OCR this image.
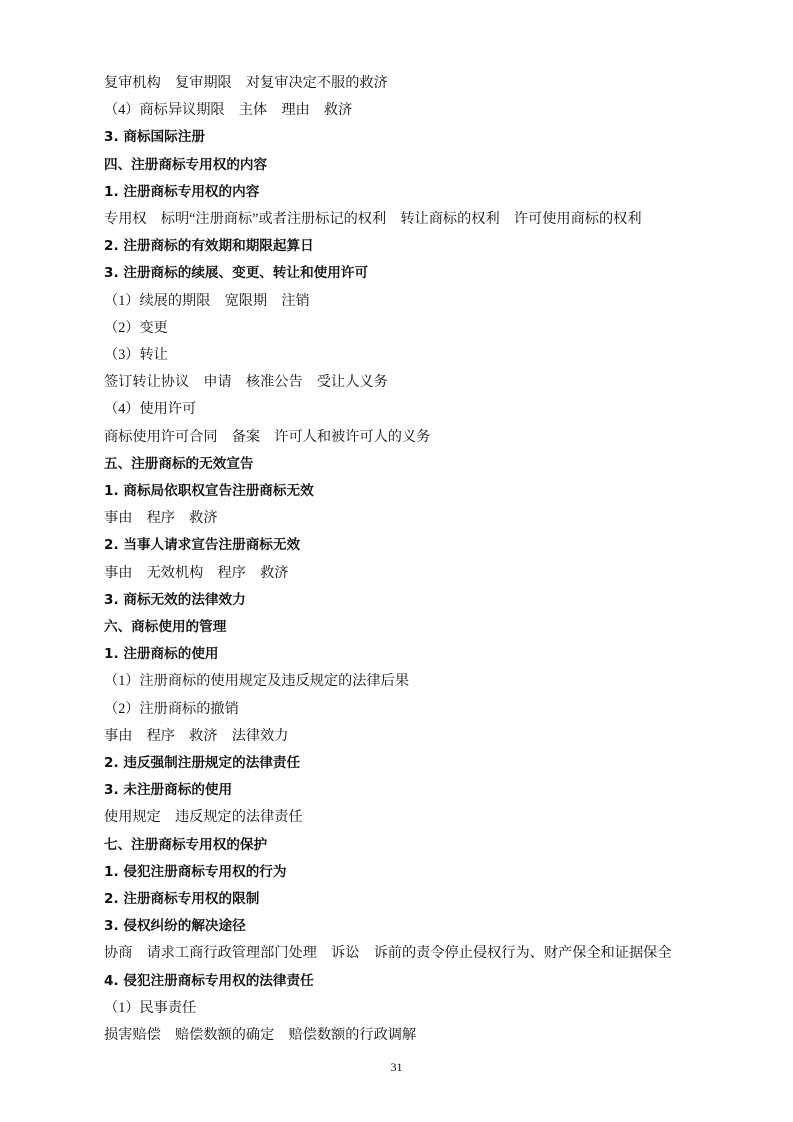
复审机构　复审期限　对复审决定不服的救济
（4）商标异议期限　主体　理由　救济
3. 商标国际注册
四、注册商标专用权的内容
1. 注册商标专用权的内容
专用权　标明“注册商标”或者注册标记的权利　转让商标的权利　许可使用商标的权利
2. 注册商标的有效期和期限起算日
3. 注册商标的续展、变更、转让和使用许可
（1）续展的期限　宽限期　注销
（2）变更
（3）转让
签订转让协议　申请　核准公告　受让人义务
（4）使用许可
商标使用许可合同　备案　许可人和被许可人的义务
五、注册商标的无效宣告
1. 商标局依职权宣告注册商标无效
事由　程序　救济
2. 当事人请求宣告注册商标无效
事由　无效机构　程序　救济
3. 商标无效的法律效力
六、商标使用的管理
1. 注册商标的使用
（1）注册商标的使用规定及违反规定的法律后果
（2）注册商标的撤销
事由　程序　救济　法律效力
2. 违反强制注册规定的法律责任
3. 未注册商标的使用
使用规定　违反规定的法律责任
七、注册商标专用权的保护
1. 侵犯注册商标专用权的行为
2. 注册商标专用权的限制
3. 侵权纠纷的解决途径
协商　请求工商行政管理部门处理　诉讼　诉前的责令停止侵权行为、财产保全和证据保全
4. 侵犯注册商标专用权的法律责任
（1）民事责任
损害赔偿　赔偿数额的确定　赔偿数额的行政调解
31
